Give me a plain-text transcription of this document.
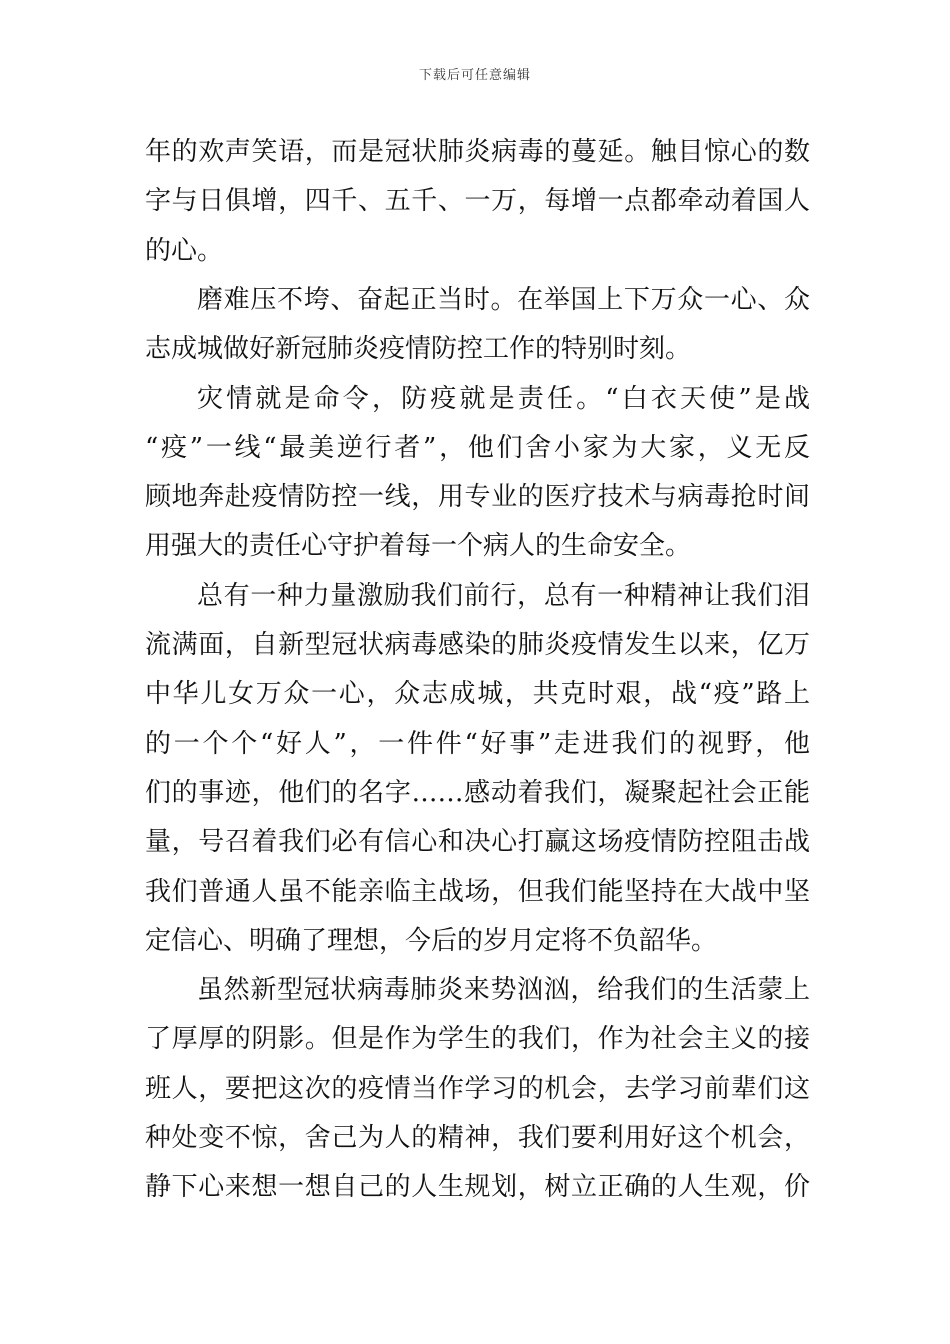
下载后可任意编辑
年的欢声笑语，而是冠状肺炎病毒的蔓延。触目惊心的数
字与日俱增，四千、五千、一万，每增一点都牵动着国人
的心。
磨难压不垮、奋起正当时。在举国上下万众一心、众
志成城做好新冠肺炎疫情防控工作的特别时刻。
灾情就是命令，防疫就是责任。“白衣天使”是战
“疫”一线“最美逆行者”，他们舍小家为大家，义无反
顾地奔赴疫情防控一线，用专业的医疗技术与病毒抢时间
用强大的责任心守护着每一个病人的生命安全。
总有一种力量激励我们前行，总有一种精神让我们泪
流满面，自新型冠状病毒感染的肺炎疫情发生以来，亿万
中华儿女万众一心，众志成城，共克时艰，战“疫”路上
的一个个“好人”，一件件“好事”走进我们的视野，他
们的事迹，他们的名字……感动着我们，凝聚起社会正能
量，号召着我们必有信心和决心打赢这场疫情防控阻击战
我们普通人虽不能亲临主战场，但我们能坚持在大战中坚
定信心、明确了理想，今后的岁月定将不负韶华。
虽然新型冠状病毒肺炎来势汹汹，给我们的生活蒙上
了厚厚的阴影。但是作为学生的我们，作为社会主义的接
班人，要把这次的疫情当作学习的机会，去学习前辈们这
种处变不惊，舍己为人的精神，我们要利用好这个机会，
静下心来想一想自己的人生规划，树立正确的人生观，价
